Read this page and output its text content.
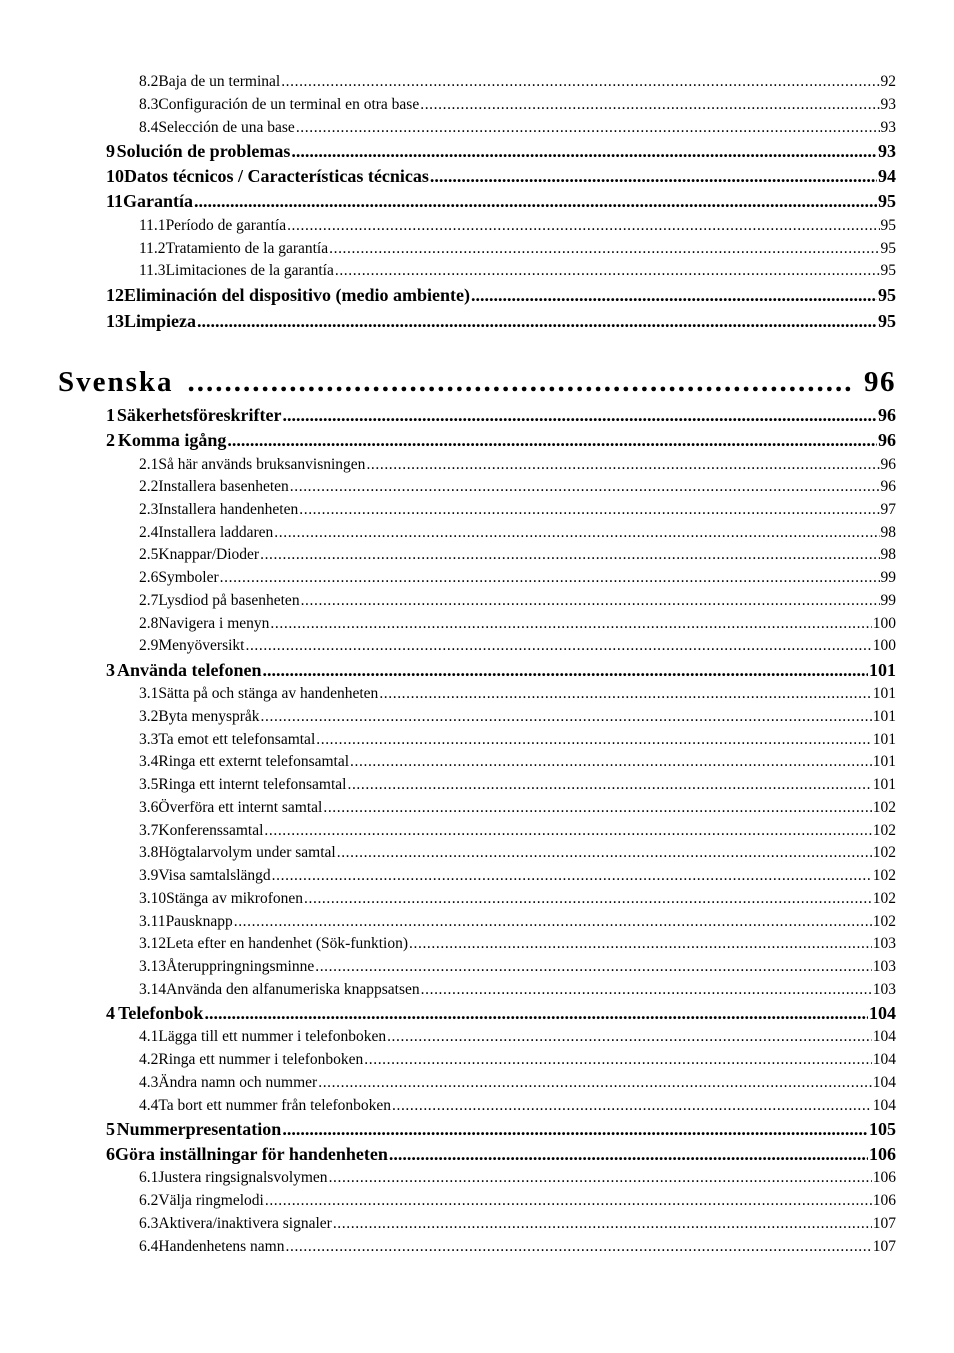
8.2 Baja de un terminal .....	92
8.3 Configuración de un terminal en otra base .....	93
8.4 Selección de una base .....	93
9 Solución de problemas .....	93
10 Datos técnicos / Características técnicas .....	94
11 Garantía .....	95
11.1 Período de garantía .....	95
11.2 Tratamiento de la garantía .....	95
11.3 Limitaciones de la garantía .....	95
12 Eliminación del dispositivo (medio ambiente) .....	95
13 Limpieza .....	95
Svenska .....	96
1 Säkerhetsföreskrifter .....	96
2 Komma igång .....	96
2.1 Så här används bruksanvisningen .....	96
2.2 Installera basenheten .....	96
2.3 Installera handenheten .....	97
2.4 Installera laddaren .....	98
2.5 Knappar/Dioder .....	98
2.6 Symboler .....	99
2.7 Lysdiod på basenheten .....	99
2.8 Navigera i menyn .....	100
2.9 Menyöversikt .....	100
3 Använda telefonen .....	101
3.1 Sätta på och stänga av handenheten .....	101
3.2 Byta menyspråk .....	101
3.3 Ta emot ett telefonsamtal .....	101
3.4 Ringa ett externt telefonsamtal .....	101
3.5 Ringa ett internt telefonsamtal .....	101
3.6 Överföra ett internt samtal .....	102
3.7 Konferenssamtal .....	102
3.8 Högtalarvolym under samtal .....	102
3.9 Visa samtalslängd .....	102
3.10 Stänga av mikrofonen .....	102
3.11 Pausknapp .....	102
3.12 Leta efter en handenhet (Sök-funktion) .....	103
3.13 Återuppringningsminne .....	103
3.14 Använda den alfanumeriska knappsatsen .....	103
4 Telefonbok .....	104
4.1 Lägga till ett nummer i telefonboken .....	104
4.2 Ringa ett nummer i telefonboken .....	104
4.3 Ändra namn och nummer .....	104
4.4 Ta bort ett nummer från telefonboken .....	104
5 Nummerpresentation .....	105
6 Göra inställningar för handenheten .....	106
6.1 Justera ringsignalsvolymen .....	106
6.2 Välja ringmelodi .....	106
6.3 Aktivera/inaktivera signaler .....	107
6.4 Handenhetens namn .....	107
